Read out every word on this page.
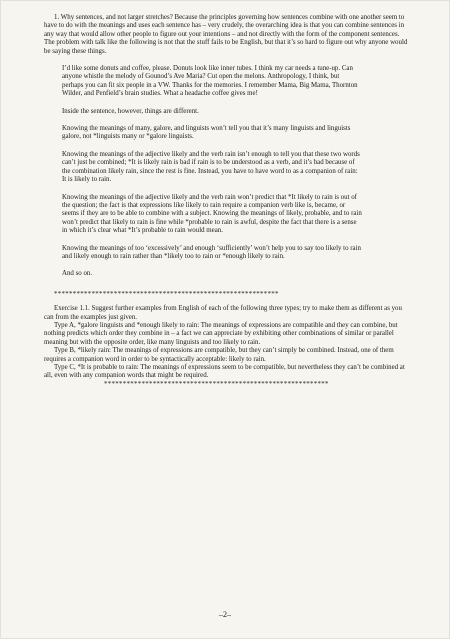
1. Why sentences, and not larger stretches? Because the principles governing how sentences combine with one another seem to have to do with the meanings and uses each sentence has – very crudely, the overarching idea is that you can combine sentences in any way that would allow other people to figure out your intentions – and not directly with the form of the component sentences. The problem with talk like the following is not that the stuff fails to be English, but that it’s so hard to figure out why anyone would be saying these things.

I’d like some donuts and coffee, please. Donuts look like inner tubes. I think my car needs a tune-up. Can anyone whistle the melody of Gounod’s Ave Maria? Cut open the melons. Anthropology, I think, but perhaps you can fit six people in a VW. Thanks for the memories. I remember Mama, Big Mama, Thornton Wilder, and Penfield’s brain studies. What a headache coffee gives me!

Inside the sentence, however, things are different.

Knowing the meanings of many, galore, and linguists won’t tell you that it’s many linguists and linguists galore, not *linguists many or *galore linguists.

Knowing the meanings of the adjective likely and the verb rain isn’t enough to tell you that these two words can’t just be combined; *It is likely rain is bad if rain is to be understood as a verb, and it’s bad because of the combination likely rain, since the rest is fine. Instead, you have to have word to as a companion of rain: It is likely to rain.

Knowing the meanings of the adjective likely and the verb rain won’t predict that *It likely to rain is out of the question; the fact is that expressions like likely to rain require a companion verb like is, became, or seems if they are to be able to combine with a subject. Knowing the meanings of likely, probable, and to rain won’t predict that likely to rain is fine while *probable to rain is awful, despite the fact that there is a sense in which it’s clear what *It’s probable to rain would mean.

Knowing the meanings of too ‘excessively’ and enough ‘sufficiently’ won’t help you to say too likely to rain and likely enough to rain rather than *likely too to rain or *enough likely to rain.

And so on.

************************************************************

Exercise 1.1. Suggest further examples from English of each of the following three types; try to make them as different as you can from the examples just given.

Type A, *galore linguists and *enough likely to rain: The meanings of expressions are compatible and they can combine, but nothing predicts which order they combine in – a fact we can appreciate by exhibiting other combinations of similar or parallel meaning but with the opposite order, like many linguists and too likely to rain.

Type B, *likely rain: The meanings of expressions are compatible, but they can’t simply be combined. Instead, one of them requires a companion word in order to be syntactically acceptable: likely to rain.

Type C, *It is probable to rain: The meanings of expressions seem to be compatible, but nevertheless they can’t be combined at all, even with any companion words that might be required.

************************************************************

–2–
